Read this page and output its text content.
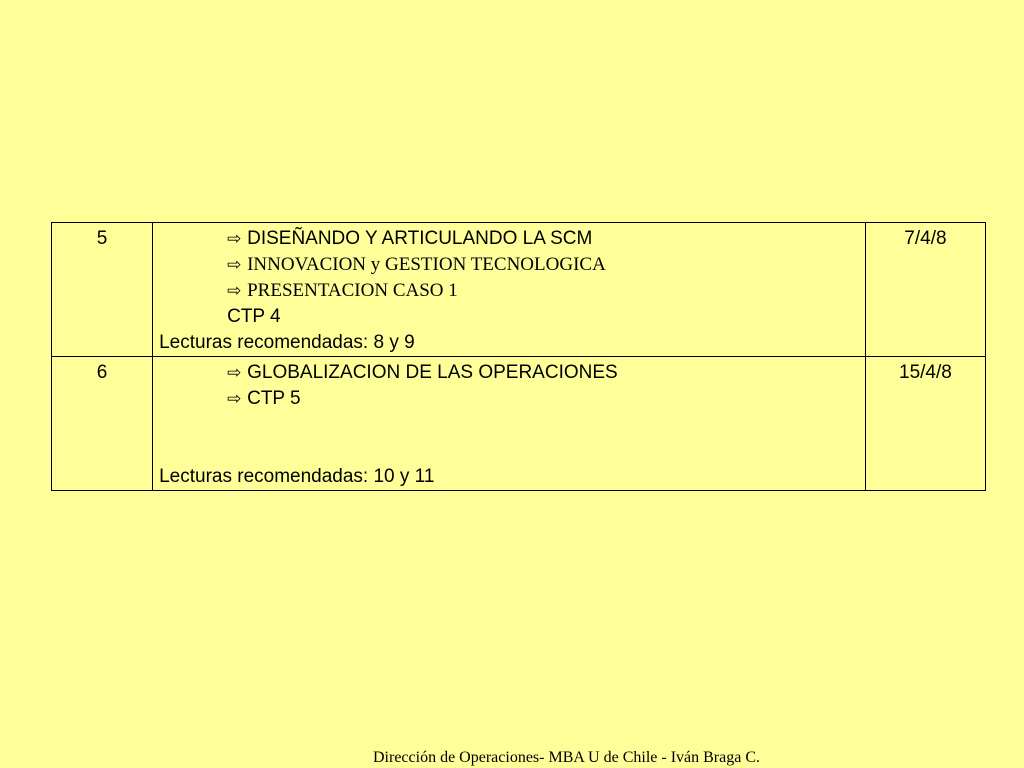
5	⇨ DISEÑANDO Y ARTICULANDO LA SCM
⇨ INNOVACION y GESTION TECNOLOGICA
⇨ PRESENTACION CASO 1
CTP 4
Lecturas recomendadas: 8 y 9	7/4/8
6	⇨ GLOBALIZACION DE LAS OPERACIONES
⇨ CTP 5
Lecturas recomendadas: 10 y 11	15/4/8
Dirección de Operaciones- MBA U de Chile - Iván Braga C.
